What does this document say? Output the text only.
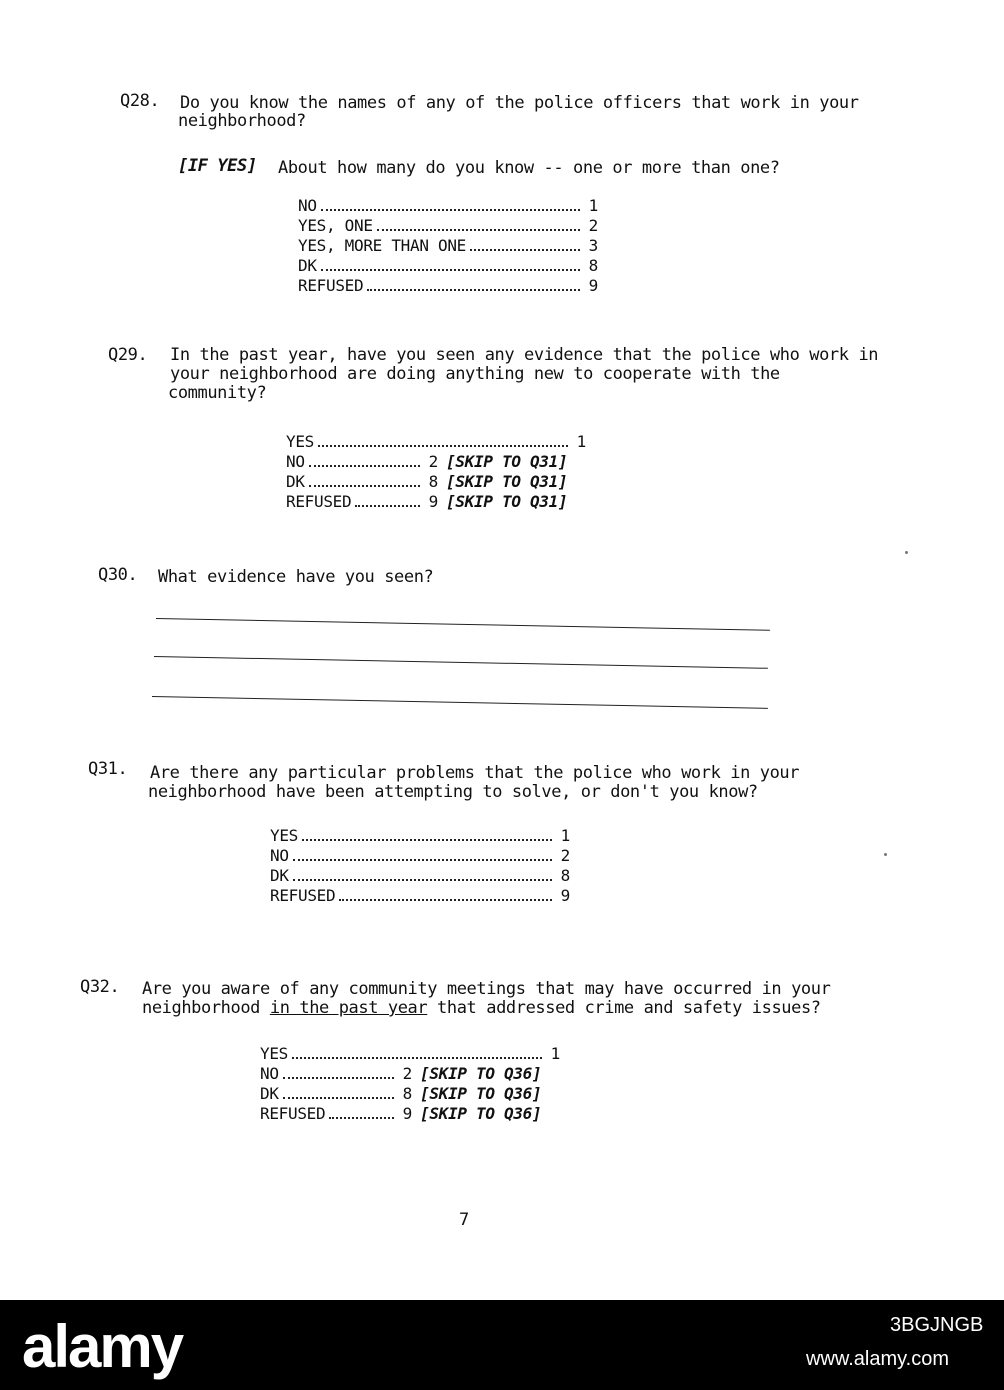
Q28. Do you know the names of any of the police officers that work in your
neighborhood?
[IF YES] About how many do you know -- one or more than one?
NO	1
YES, ONE	2
YES, MORE THAN ONE	3
DK	8
REFUSED	9
Q29. In the past year, have you seen any evidence that the police who work in
your neighborhood are doing anything new to cooperate with the
community?
YES	1
NO	2 [SKIP TO Q31]
DK	8 [SKIP TO Q31]
REFUSED	9 [SKIP TO Q31]
Q30. What evidence have you seen?
Q31. Are there any particular problems that the police who work in your
neighborhood have been attempting to solve, or don't you know?
YES	1
NO	2
DK	8
REFUSED	9
Q32. Are you aware of any community meetings that may have occurred in your
neighborhood in the past year that addressed crime and safety issues?
YES	1
NO	2 [SKIP TO Q36]
DK	8 [SKIP TO Q36]
REFUSED	9 [SKIP TO Q36]
7
alamy	3BGJNGB
www.alamy.com
